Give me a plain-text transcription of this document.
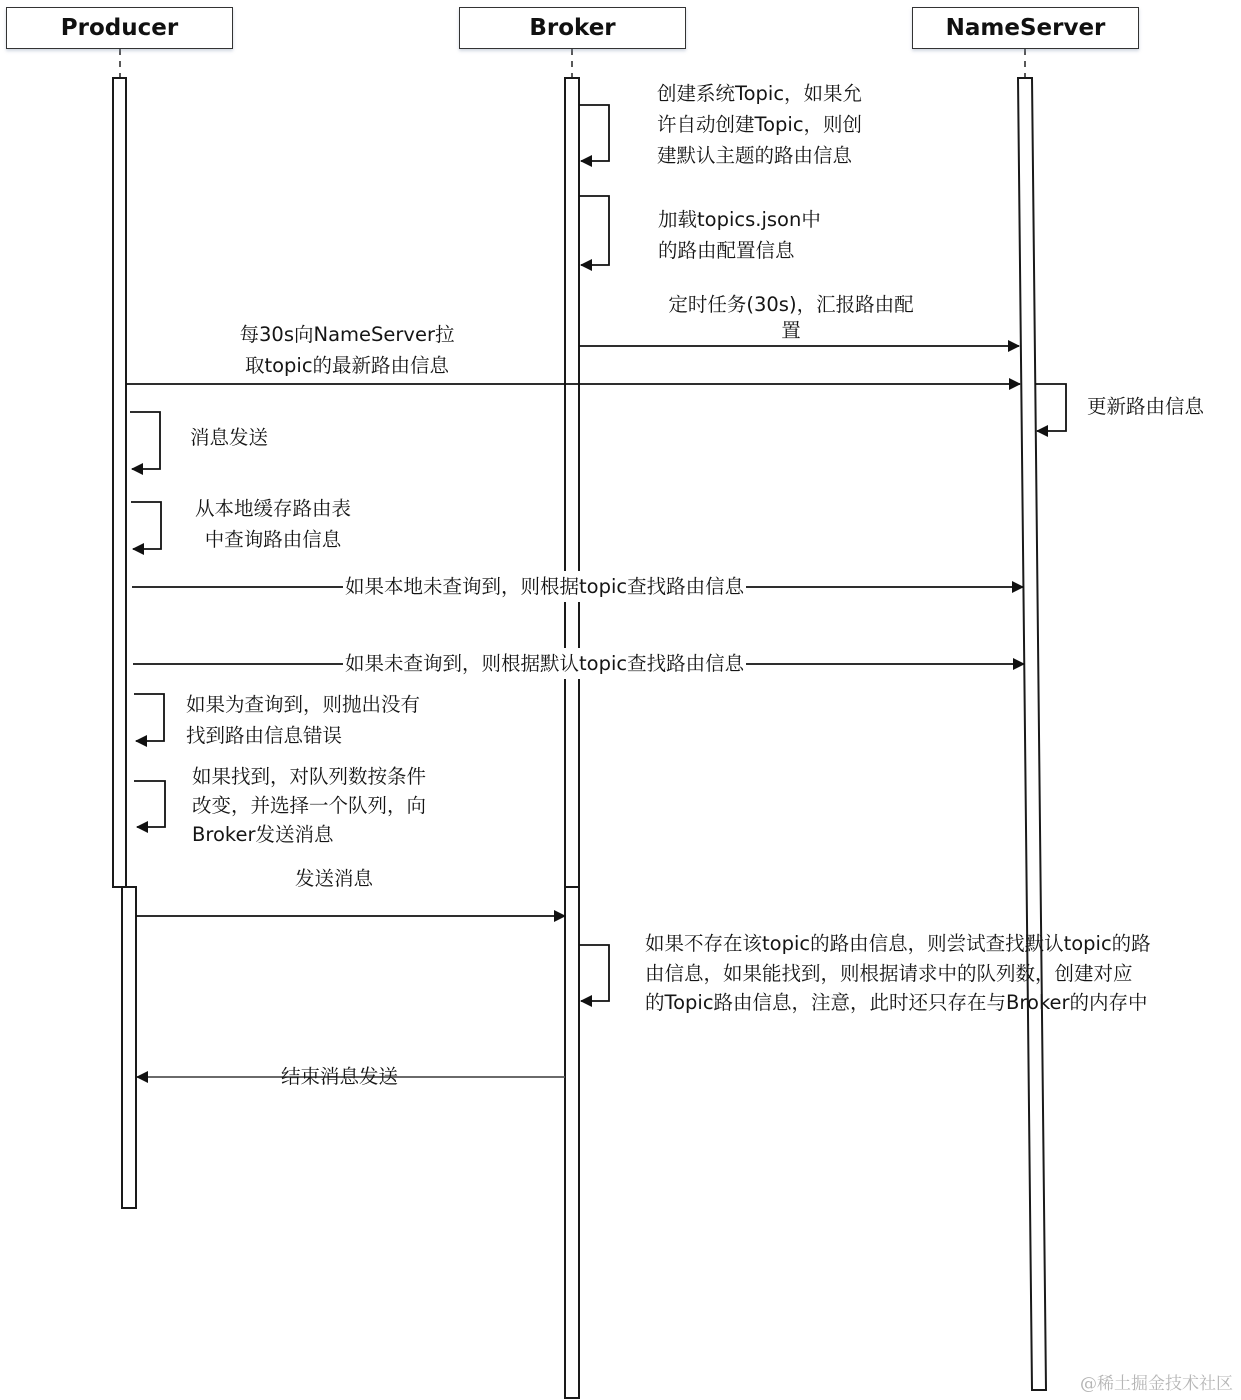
Producer	Broker	NameServer
创建系统Topic，如果允
许自动创建Topic，则创
建默认主题的路由信息
加载topics.json中
的路由配置信息
定时任务(30s)，汇报路由配
置
每30s向NameServer拉
取topic的最新路由信息
更新路由信息
消息发送
从本地缓存路由表
中查询路由信息
如果本地未查询到，则根据topic查找路由信息
如果未查询到，则根据默认topic查找路由信息
如果为查询到，则抛出没有
找到路由信息错误
如果找到，对队列数按条件
改变，并选择一个队列，向
Broker发送消息
发送消息
如果不存在该topic的路由信息，则尝试查找默认topic的路
由信息，如果能找到，则根据请求中的队列数，创建对应
的Topic路由信息，注意，此时还只存在与Broker的内存中
结束消息发送
@稀土掘金技术社区
